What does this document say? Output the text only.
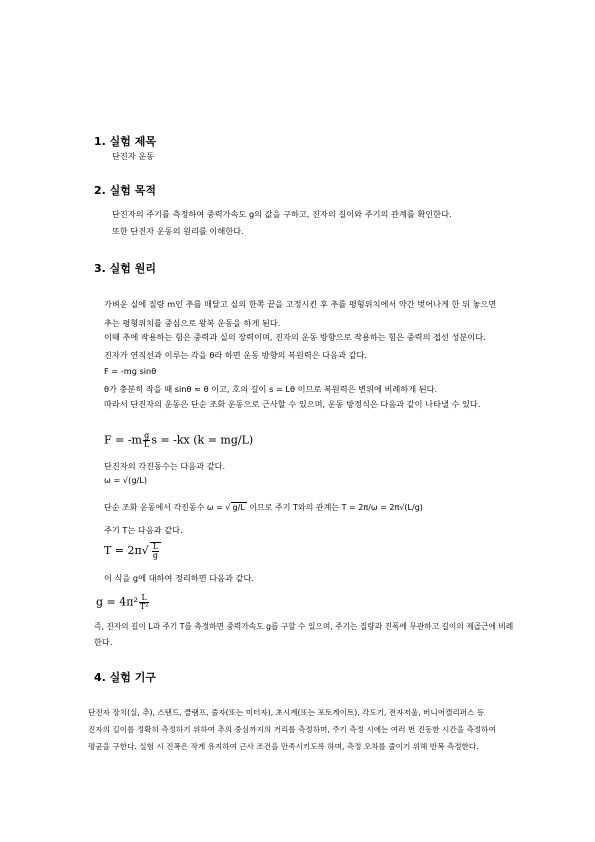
1. 실험 제목
단진자 운동
2. 실험 목적
단진자의 주기를 측정하여 중력가속도 g의 값을 구하고, 진자의 길이와 주기의 관계를 확인한다.
또한 단진자 운동의 원리를 이해한다.
3. 실험 원리
가벼운 실에 질량 m인 추를 매달고 실의 한쪽 끝을 고정시킨 후 추를 평형위치에서 약간 벗어나게 한 뒤 놓으면
추는 평형위치를 중심으로 왕복 운동을 하게 된다.
이때 추에 작용하는 힘은 중력과 실의 장력이며, 진자의 운동 방향으로 작용하는 힘은 중력의 접선 성분이다.
진자가 연직선과 이루는 각을 θ라 하면 운동 방향의 복원력은 다음과 같다.
F = -mg sinθ
θ가 충분히 작을 때 sinθ ≈ θ 이고, 호의 길이 s = Lθ 이므로 복원력은 변위에 비례하게 된다.
따라서 단진자의 운동은 단순 조화 운동으로 근사할 수 있으며, 운동 방정식은 다음과 같이 나타낼 수 있다.
$F = -m \frac{g}{L}$ s = -kx (k = mg/L)
단진자의 각진동수는 다음과 같다.
ω = √(g/L)
단순 조화 운동에서 각진동수 ω = √ g/L 이므로 주기 T와의 관계는 T = 2π/ω = 2π√(L/g)
주기 T는 다음과 같다.
$T = 2\pi√ \frac{L}{g}$
이 식을 g에 대하여 정리하면 다음과 같다.
$g = 4\pi^2 \frac{L}{\text{T²}}$
즉, 진자의 길이 L과 주기 T를 측정하면 중력가속도 g를 구할 수 있으며, 주기는 질량과 진폭에 무관하고 길이의 제곱근에 비례
한다.
4. 실험 기구
단진자 장치(실, 추), 스탠드, 클램프, 줄자(또는 미터자), 초시계(또는 포토게이트), 각도기, 전자저울, 버니어캘리퍼스 등
진자의 길이를 정확히 측정하기 위하여 추의 중심까지의 거리를 측정하며, 주기 측정 시에는 여러 번 진동한 시간을 측정하여
평균을 구한다. 실험 시 진폭은 작게 유지하여 근사 조건을 만족시키도록 하며, 측정 오차를 줄이기 위해 반복 측정한다.
